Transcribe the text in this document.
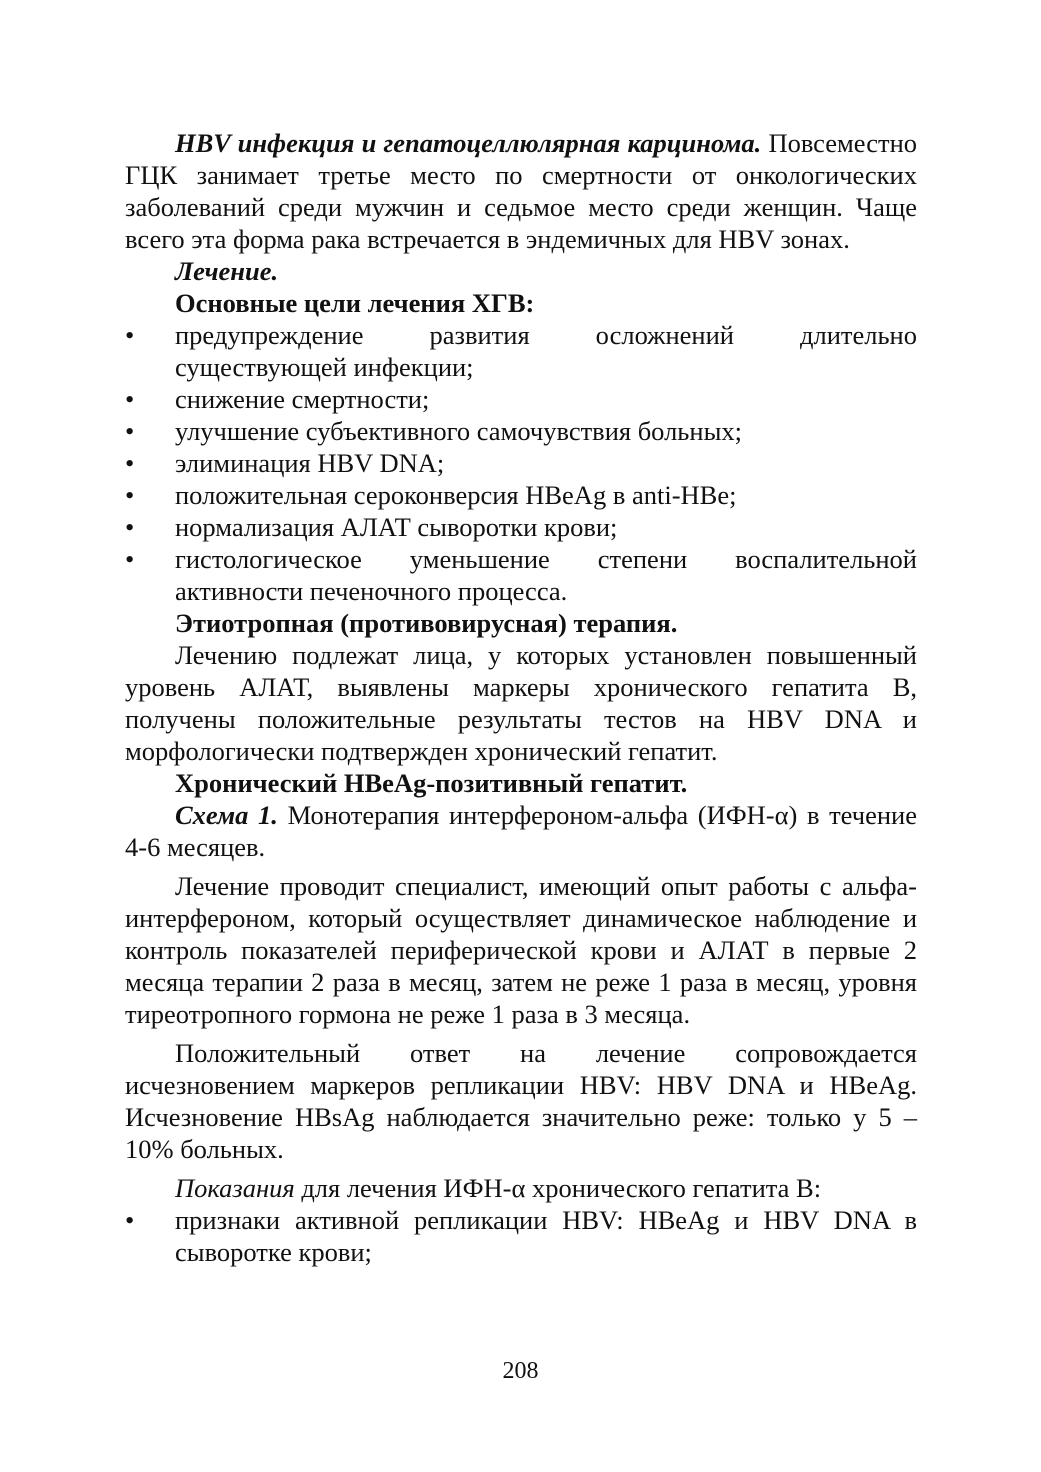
HBV инфекция и гепатоцеллюлярная карцинома. Повсеместно ГЦК занимает третье место по смертности от онкологических заболеваний среди мужчин и седьмое место среди женщин. Чаще всего эта форма рака встречается в эндемичных для HBV зонах.

Лечение.

Основные цели лечения ХГВ:

• предупреждение развития осложнений длительно существующей инфекции;
• снижение смертности;
• улучшение субъективного самочувствия больных;
• элиминация HBV DNA;
• положительная сероконверсия HBeAg в anti-HBe;
• нормализация АЛАТ сыворотки крови;
• гистологическое уменьшение степени воспалительной активности печеночного процесса.

Этиотропная (противовирусная) терапия.

Лечению подлежат лица, у которых установлен повышенный уровень АЛАТ, выявлены маркеры хронического гепатита В, получены положительные результаты тестов на HBV DNA и морфологически подтвержден хронический гепатит.

Хронический HBeAg-позитивный гепатит.

Схема 1. Монотерапия интерфероном-альфа (ИФН-α) в течение 4-6 месяцев.

Лечение проводит специалист, имеющий опыт работы с альфа-интерфероном, который осуществляет динамическое наблюдение и контроль показателей периферической крови и АЛАТ в первые 2 месяца терапии 2 раза в месяц, затем не реже 1 раза в месяц, уровня тиреотропного гормона не реже 1 раза в 3 месяца.

Положительный ответ на лечение сопровождается исчезновением маркеров репликации HBV: HBV DNA и HBeAg. Исчезновение HBsAg наблюдается значительно реже: только у 5 – 10% больных.

Показания для лечения ИФН-α хронического гепатита В:

• признаки активной репликации HBV: HBeAg и HBV DNA в сыворотке крови;
208
